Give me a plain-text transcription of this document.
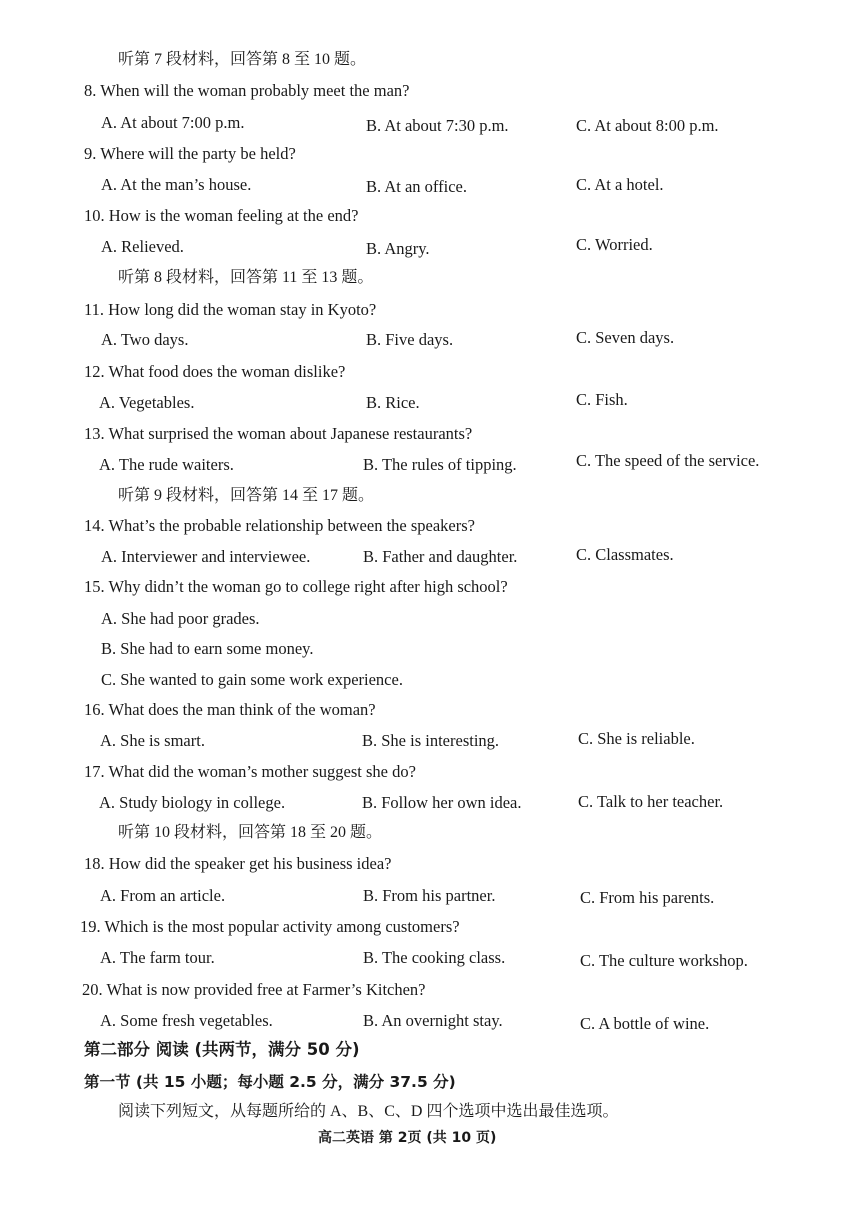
听第 7 段材料，回答第 8 至 10 题。
8. When will the woman probably meet the man?
A. At about 7:00 p.m.	B. At about 7:30 p.m.	C. At about 8:00 p.m.
9. Where will the party be held?
A. At the man’s house.	B. At an office.	C. At a hotel.
10. How is the woman feeling at the end?
A. Relieved.	B. Angry.	C. Worried.
听第 8 段材料，回答第 11 至 13 题。
11. How long did the woman stay in Kyoto?
A. Two days.	B. Five days.	C. Seven days.
12. What food does the woman dislike?
A. Vegetables.	B. Rice.	C. Fish.
13. What surprised the woman about Japanese restaurants?
A. The rude waiters.	B. The rules of tipping.	C. The speed of the service.
听第 9 段材料，回答第 14 至 17 题。
14. What’s the probable relationship between the speakers?
A. Interviewer and interviewee.	B. Father and daughter.	C. Classmates.
15. Why didn’t the woman go to college right after high school?
A. She had poor grades.
B. She had to earn some money.
C. She wanted to gain some work experience.
16. What does the man think of the woman?
A. She is smart.	B. She is interesting.	C. She is reliable.
17. What did the woman’s mother suggest she do?
A. Study biology in college.	B. Follow her own idea.	C. Talk to her teacher.
听第 10 段材料，回答第 18 至 20 题。
18. How did the speaker get his business idea?
A. From an article.	B. From his partner.	C. From his parents.
19. Which is the most popular activity among customers?
A. The farm tour.	B. The cooking class.	C. The culture workshop.
20. What is now provided free at Farmer’s Kitchen?
A. Some fresh vegetables.	B. An overnight stay.	C. A bottle of wine.
第二部分 阅读 (共两节，满分 50 分)
第一节 (共 15 小题；每小题 2.5 分，满分 37.5 分)
阅读下列短文，从每题所给的 A、B、C、D 四个选项中选出最佳选项。
高二英语 第 2页 (共 10 页)
